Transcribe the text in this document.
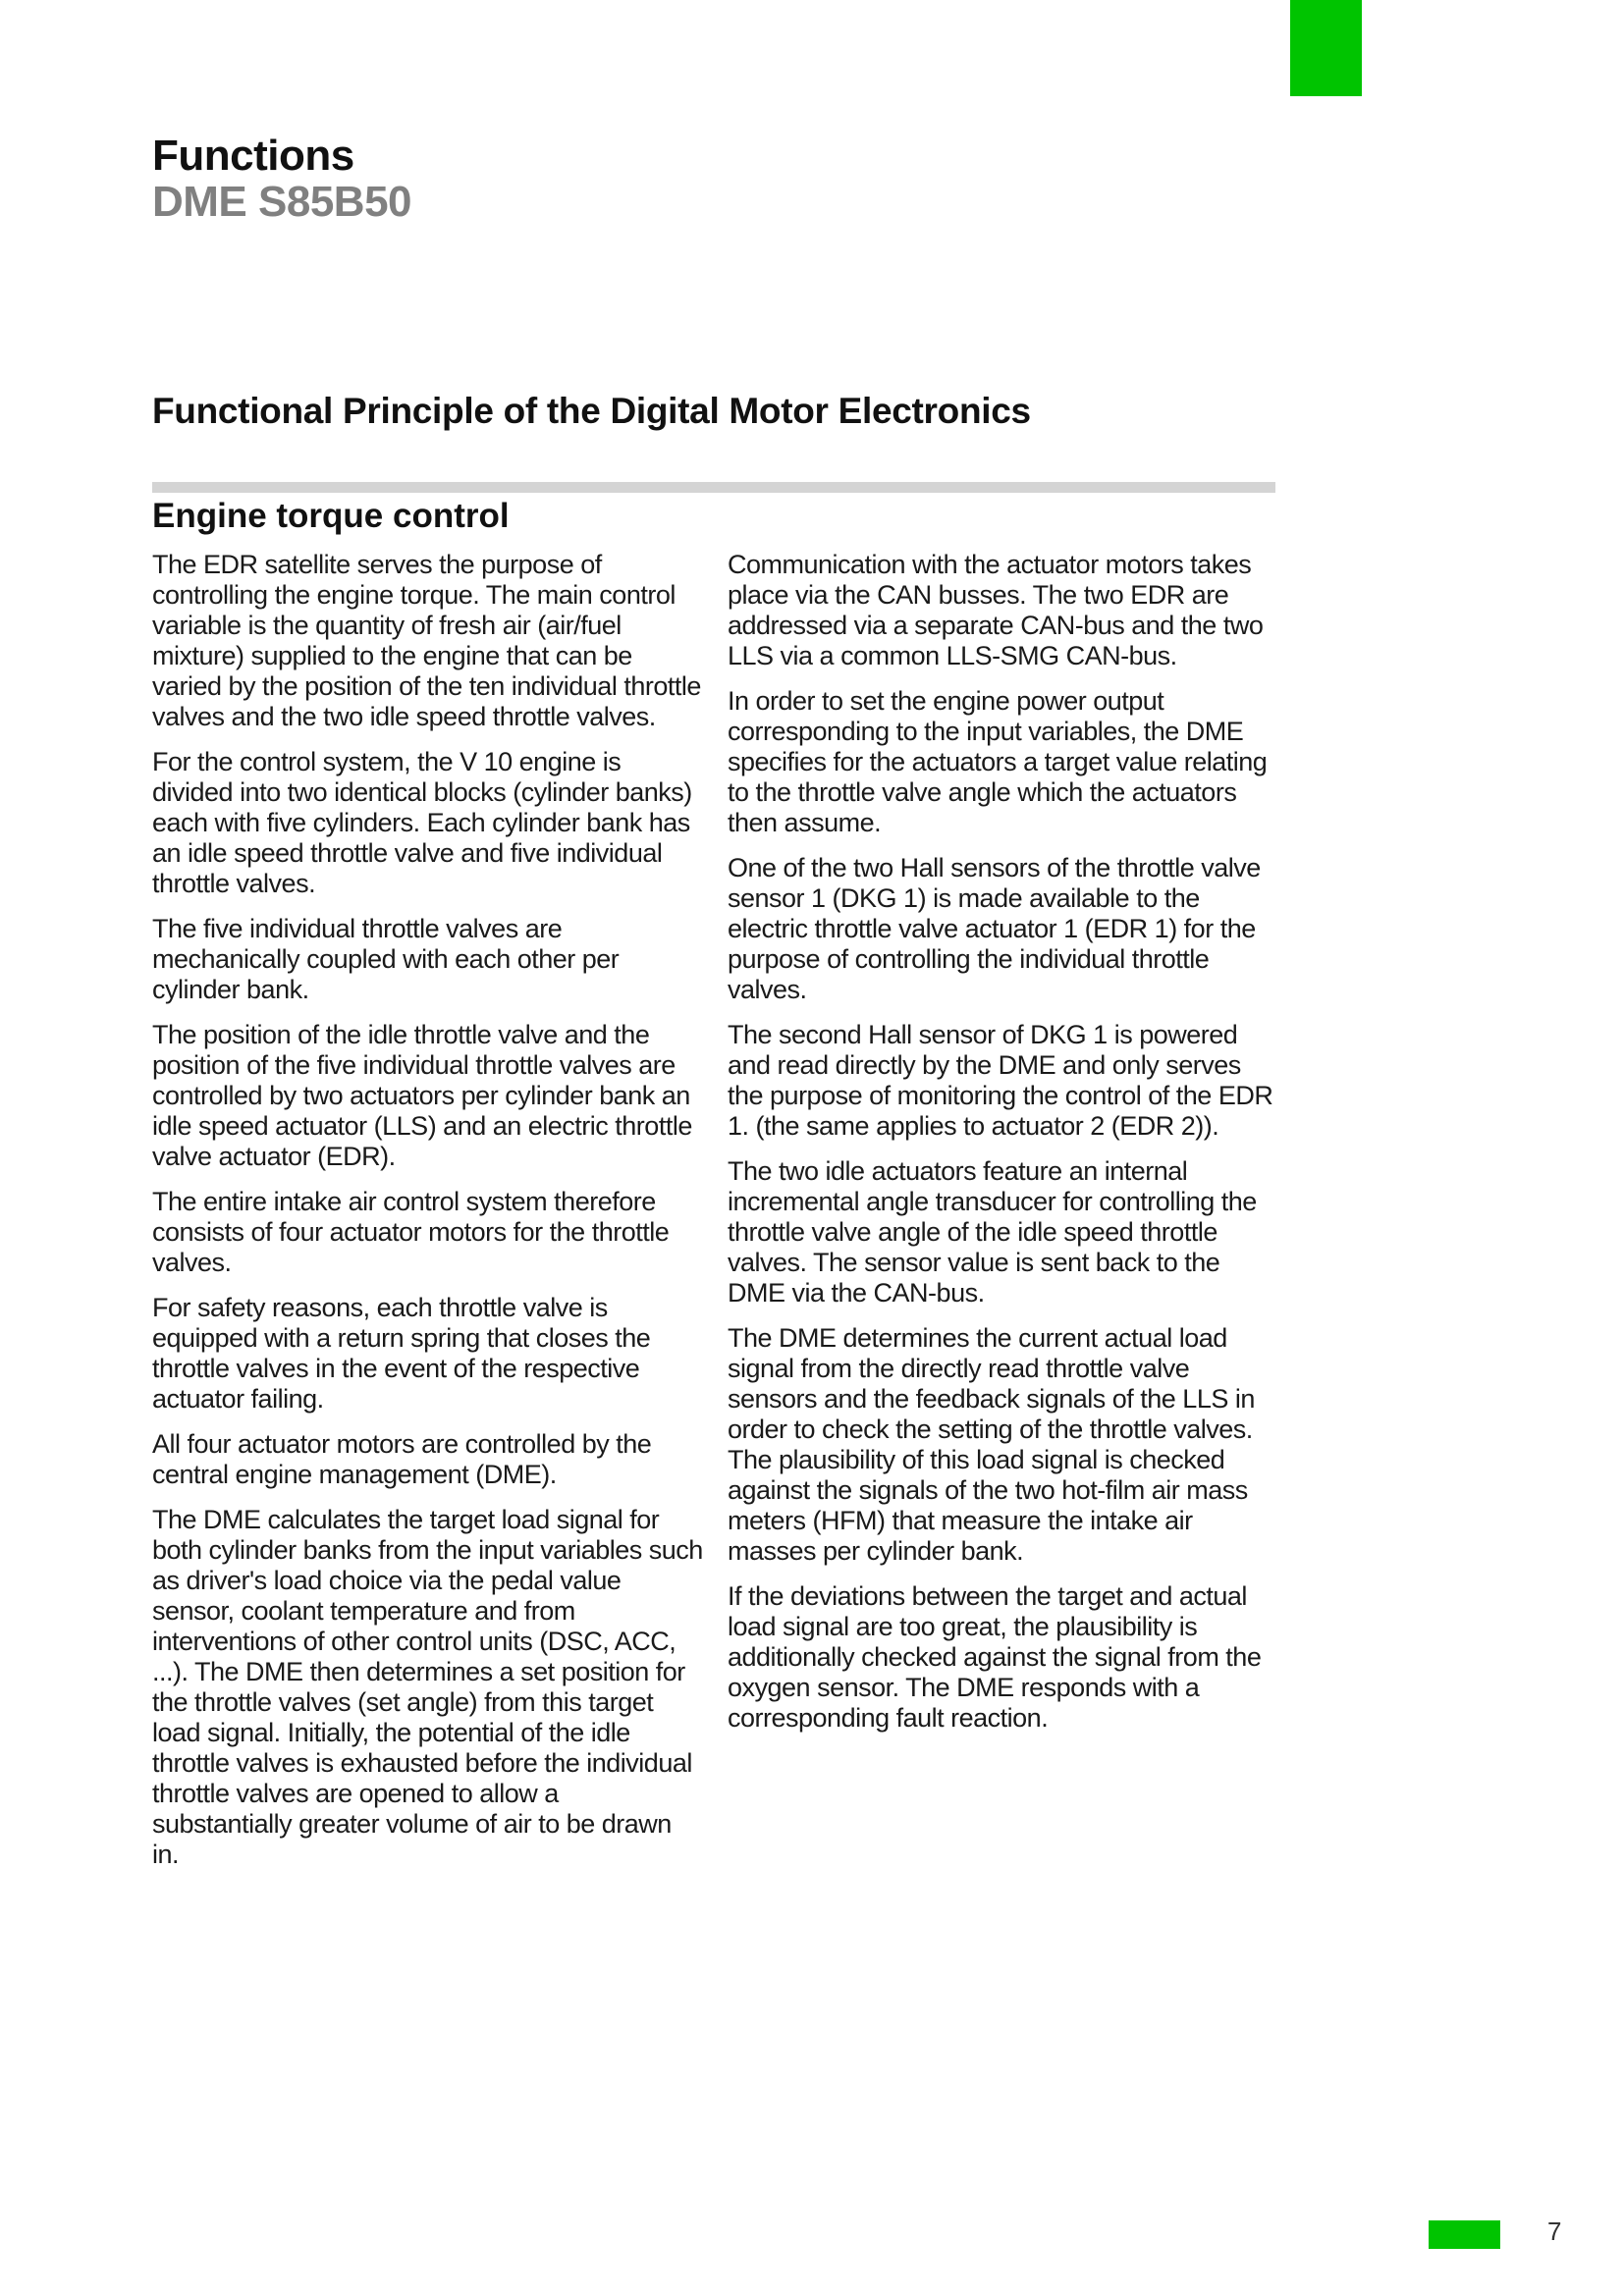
Functions
DME S85B50
Functional Principle of the Digital Motor Electronics
Engine torque control

The EDR satellite serves the purpose of controlling the engine torque. The main control variable is the quantity of fresh air (air/fuel mixture) supplied to the engine that can be varied by the position of the ten individual throttle valves and the two idle speed throttle valves.

For the control system, the V 10 engine is divided into two identical blocks (cylinder banks) each with five cylinders. Each cylinder bank has an idle speed throttle valve and five individual throttle valves.

The five individual throttle valves are mechanically coupled with each other per cylinder bank.

The position of the idle throttle valve and the position of the five individual throttle valves are controlled by two actuators per cylinder bank an idle speed actuator (LLS) and an electric throttle valve actuator (EDR).

The entire intake air control system therefore consists of four actuator motors for the throttle valves.

For safety reasons, each throttle valve is equipped with a return spring that closes the throttle valves in the event of the respective actuator failing.

All four actuator motors are controlled by the central engine management (DME).

The DME calculates the target load signal for both cylinder banks from the input variables such as driver's load choice via the pedal value sensor, coolant temperature and from interventions of other control units (DSC, ACC, ...). The DME then determines a set position for the throttle valves (set angle) from this target load signal. Initially, the potential of the idle throttle valves is exhausted before the individual throttle valves are opened to allow a substantially greater volume of air to be drawn in.

Communication with the actuator motors takes place via the CAN busses. The two EDR are addressed via a separate CAN-bus and the two LLS via a common LLS-SMG CAN-bus.

In order to set the engine power output corresponding to the input variables, the DME specifies for the actuators a target value relating to the throttle valve angle which the actuators then assume.

One of the two Hall sensors of the throttle valve sensor 1 (DKG 1) is made available to the electric throttle valve actuator 1 (EDR 1) for the purpose of controlling the individual throttle valves.

The second Hall sensor of DKG 1 is powered and read directly by the DME and only serves the purpose of monitoring the control of the EDR 1. (the same applies to actuator 2 (EDR 2)).

The two idle actuators feature an internal incremental angle transducer for controlling the throttle valve angle of the idle speed throttle valves. The sensor value is sent back to the DME via the CAN-bus.

The DME determines the current actual load signal from the directly read throttle valve sensors and the feedback signals of the LLS in order to check the setting of the throttle valves. The plausibility of this load signal is checked against the signals of the two hot-film air mass meters (HFM) that measure the intake air masses per cylinder bank.

If the deviations between the target and actual load signal are too great, the plausibility is additionally checked against the signal from the oxygen sensor. The DME responds with a corresponding fault reaction.

7
